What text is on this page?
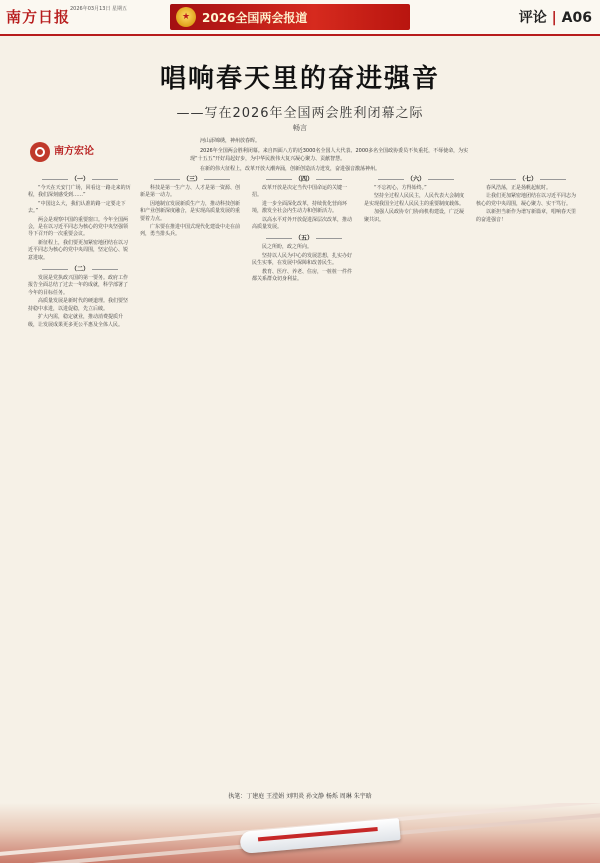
南方日报 2026年03月13日 星期五
★ 2026全国两会报道	评论 | A06
唱响春天里的奋进强音
——写在2026年全国两会胜利闭幕之际
畅言
南方宏论

河山添锦绣，神州放春晖。

2026年全国两会胜利闭幕。来自四面八方的近3000名全国人大代表、2000多名全国政协委员不负重托，不辱使命，为实现“十五五”开好局起好步，为中华民族伟大复兴凝心聚力、贡献智慧。

在新的伟大征程上，改革开放大潮奔涌，创新创造活力迸发，奋进强音激荡神州。

（一）

“今天在天安门广场，回看这一路走来的历程，我们深刻感受到……”

“中国这么大，我们认准的路一定要走下去。”

两会是观察中国的重要窗口。今年全国两会，是在以习近平同志为核心的党中央坚强领导下召开的一次重要会议。

新征程上，我们要更加紧密地团结在以习近平同志为核心的党中央周围，坚定信心、锐意进取。

（二）

发展是党执政兴国的第一要务。政府工作报告全面总结了过去一年的成就，科学部署了今年的目标任务。

高质量发展是新时代的硬道理。我们要坚持稳中求进，以进促稳，先立后破。

扩大内需，稳定就业，推动消费提质升级，让发展成果更多更公平惠及全体人民。

（三）

科技是第一生产力、人才是第一资源、创新是第一动力。

因地制宜发展新质生产力，推动科技创新和产业创新深度融合，是实现高质量发展的重要着力点。

广东要在推进中国式现代化建设中走在前列，勇当排头兵。

（四）

改革开放是决定当代中国命运的关键一招。

进一步全面深化改革，持续优化营商环境，激发全社会内生动力和创新活力。

以高水平对外开放促进深层次改革，推动高质量发展。

（五）

民之所盼，政之所向。

坚持以人民为中心的发展思想，扎实办好民生实事，在发展中保障和改善民生。

教育、医疗、养老、住房，一桩桩一件件都关系群众切身利益。

（六）

“不忘初心，方得始终。”

坚持全过程人民民主，人民代表大会制度是实现我国全过程人民民主的重要制度载体。

加强人民政协专门协商机构建设，广泛凝聚共识。

（七）

春风浩荡，正是扬帆起航时。

让我们更加紧密地团结在以习近平同志为核心的党中央周围，凝心聚力、实干笃行。

以新担当新作为谱写新篇章，唱响春天里的奋进强音！

执笔：丁建庭 王滢娟 刘明炎 孙文静 杨烁 周琳 朱宇晗
